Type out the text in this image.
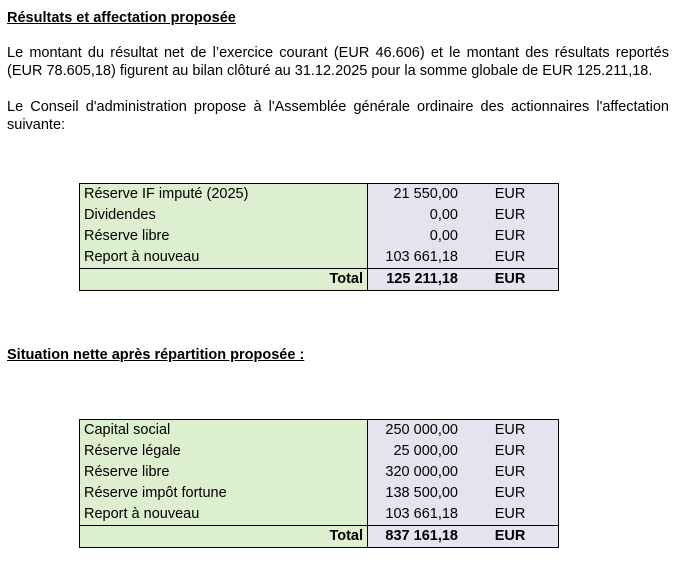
Résultats et affectation proposée
Le montant du résultat net de l’exercice courant (EUR 46.606) et le montant des résultats reportés (EUR 78.605,18) figurent au bilan clôturé au 31.12.2025 pour la somme globale de EUR 125.211,18.
Le Conseil d'administration propose à l'Assemblée générale ordinaire des actionnaires l'affectation suivante:
Réserve IF imputé (2025)	21 550,00	EUR
Dividendes	0,00	EUR
Réserve libre	0,00	EUR
Report à nouveau	103 661,18	EUR
Total	125 211,18	EUR
Situation nette après répartition proposée :
Capital social	250 000,00	EUR
Réserve légale	25 000,00	EUR
Réserve libre	320 000,00	EUR
Réserve impôt fortune	138 500,00	EUR
Report à nouveau	103 661,18	EUR
Total	837 161,18	EUR
